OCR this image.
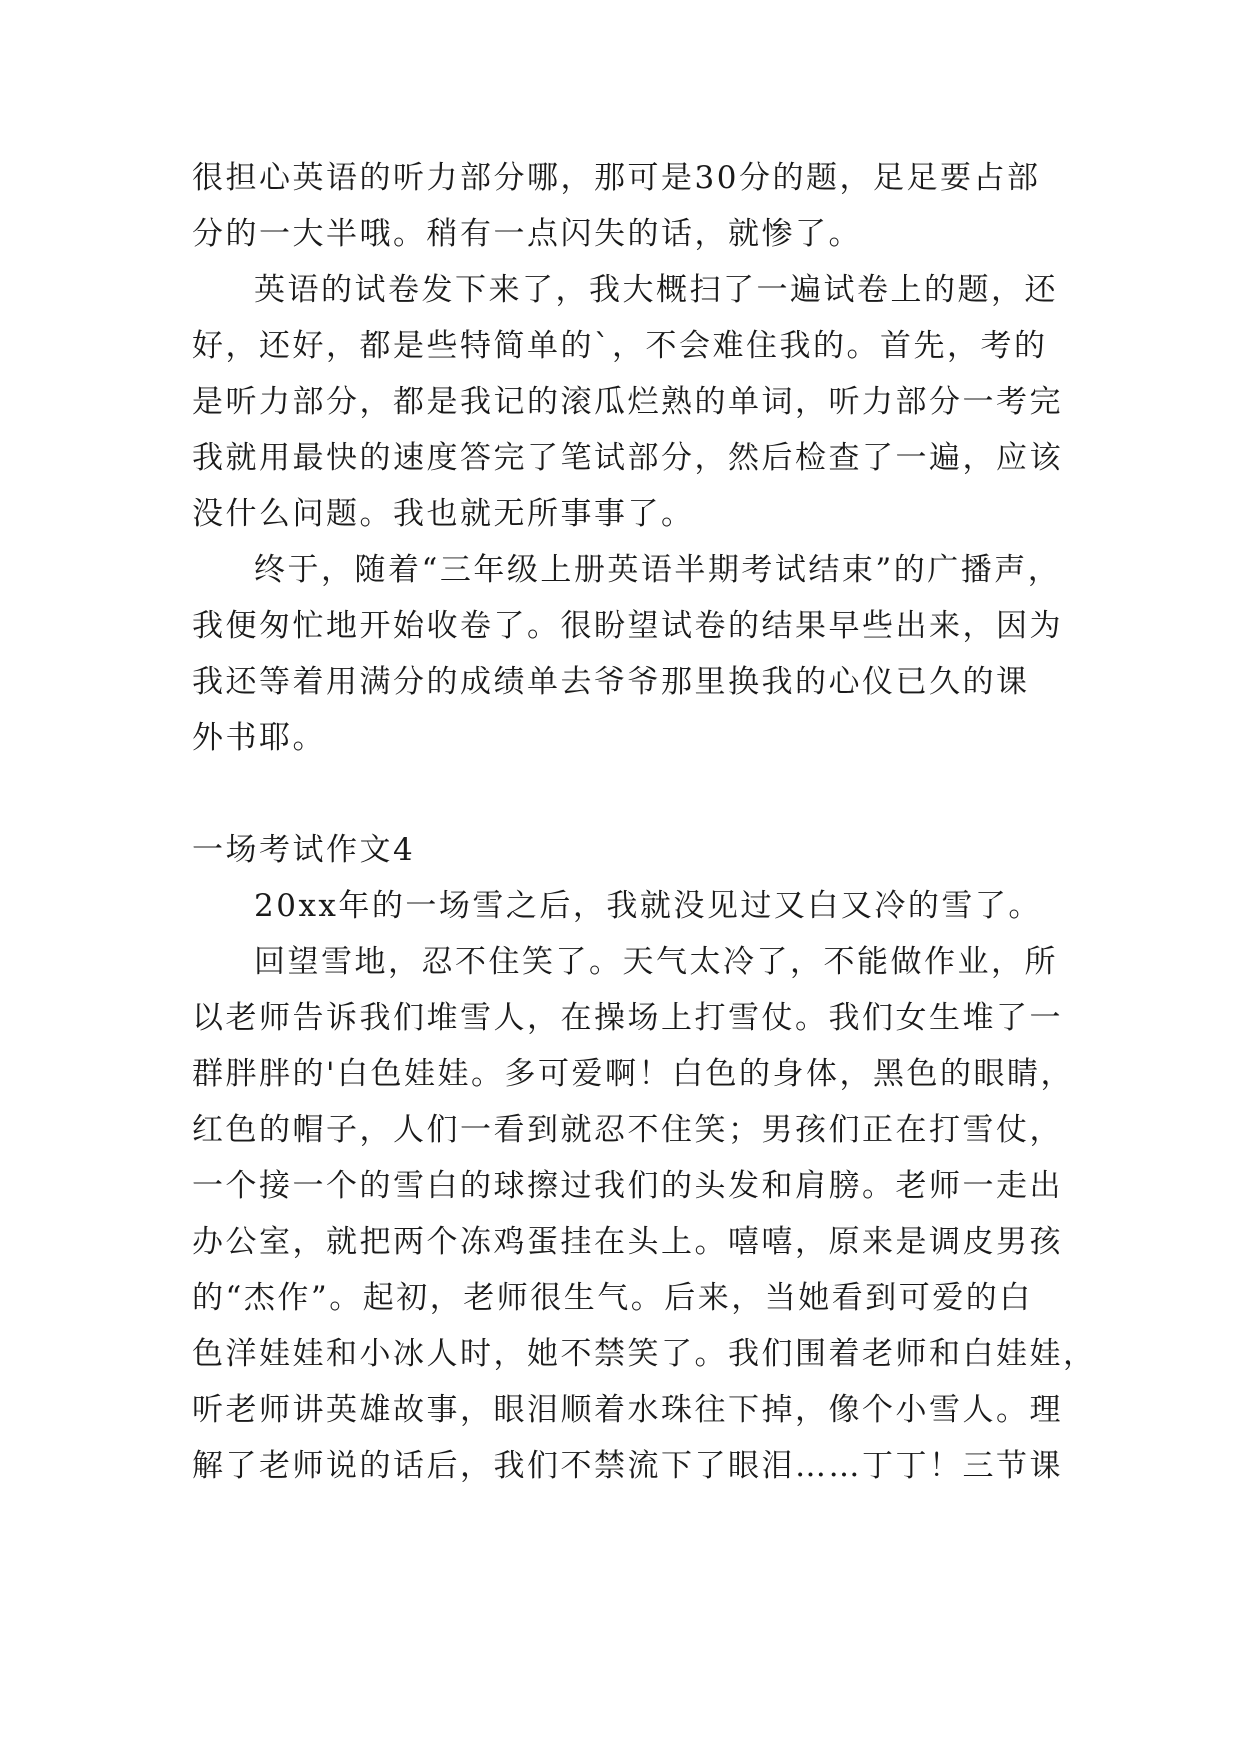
很担心英语的听力部分哪，那可是30分的题，足足要占部
分的一大半哦。稍有一点闪失的话，就惨了。
英语的试卷发下来了，我大概扫了一遍试卷上的题，还
好，还好，都是些特简单的`，不会难住我的。首先，考的
是听力部分，都是我记的滚瓜烂熟的单词，听力部分一考完
我就用最快的速度答完了笔试部分，然后检查了一遍，应该
没什么问题。我也就无所事事了。
终于，随着“三年级上册英语半期考试结束”的广播声，
我便匆忙地开始收卷了。很盼望试卷的结果早些出来，因为
我还等着用满分的成绩单去爷爷那里换我的心仪已久的课
外书耶。
一场考试作文4
20xx年的一场雪之后，我就没见过又白又冷的雪了。
回望雪地，忍不住笑了。天气太冷了，不能做作业，所
以老师告诉我们堆雪人，在操场上打雪仗。我们女生堆了一
群胖胖的'白色娃娃。多可爱啊！白色的身体，黑色的眼睛，
红色的帽子，人们一看到就忍不住笑；男孩们正在打雪仗，
一个接一个的雪白的球擦过我们的头发和肩膀。老师一走出
办公室，就把两个冻鸡蛋挂在头上。嘻嘻，原来是调皮男孩
的“杰作”。起初，老师很生气。后来，当她看到可爱的白
色洋娃娃和小冰人时，她不禁笑了。我们围着老师和白娃娃，
听老师讲英雄故事，眼泪顺着水珠往下掉，像个小雪人。理
解了老师说的话后，我们不禁流下了眼泪……丁丁！三节课
